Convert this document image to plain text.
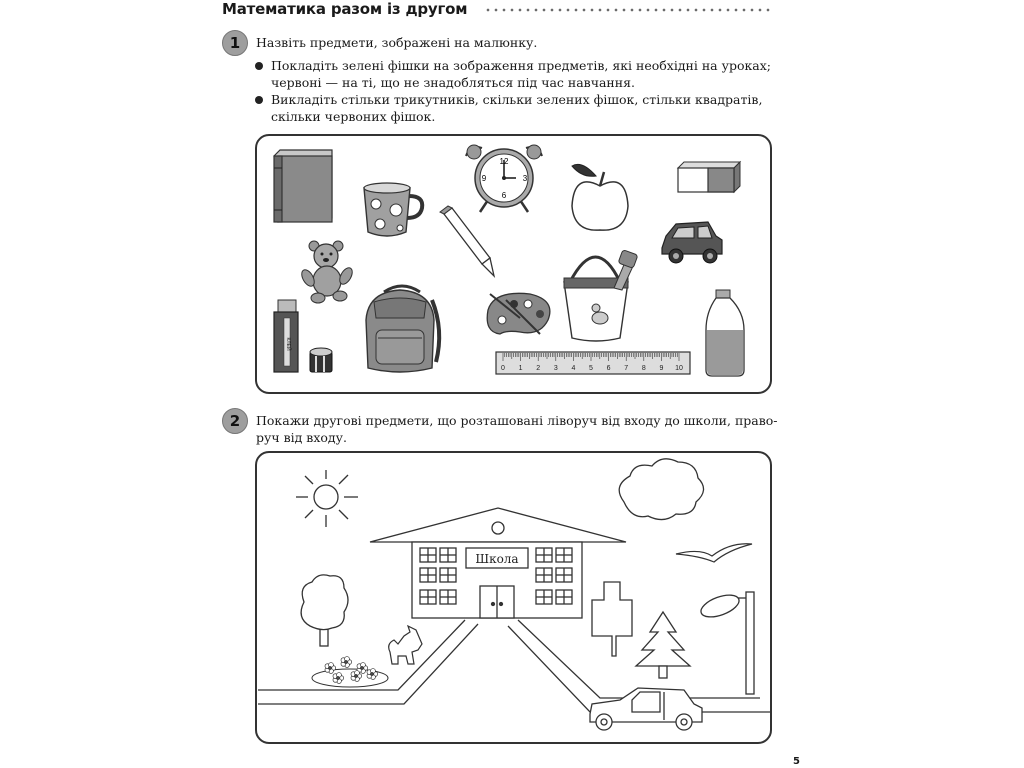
Математика разом із другом
1	Назвіть предмети, зображені на малюнку.
Покладіть зелені фішки на зображення предметів, які необхідні на уроках;
червоні — на ті, що не знадобляться під час навчання.
Викладіть стільки трикутників, скільки зелених фішок, стільки квадратів,
скільки червоних фішок.
12
3
6
9
КЛЕЙ
0 1 2 3 4 5 6 7 8 9 10
2	Покажи другові предмети, що розташовані ліворуч від входу до школи, право-
руч від входу.
Школа
5
